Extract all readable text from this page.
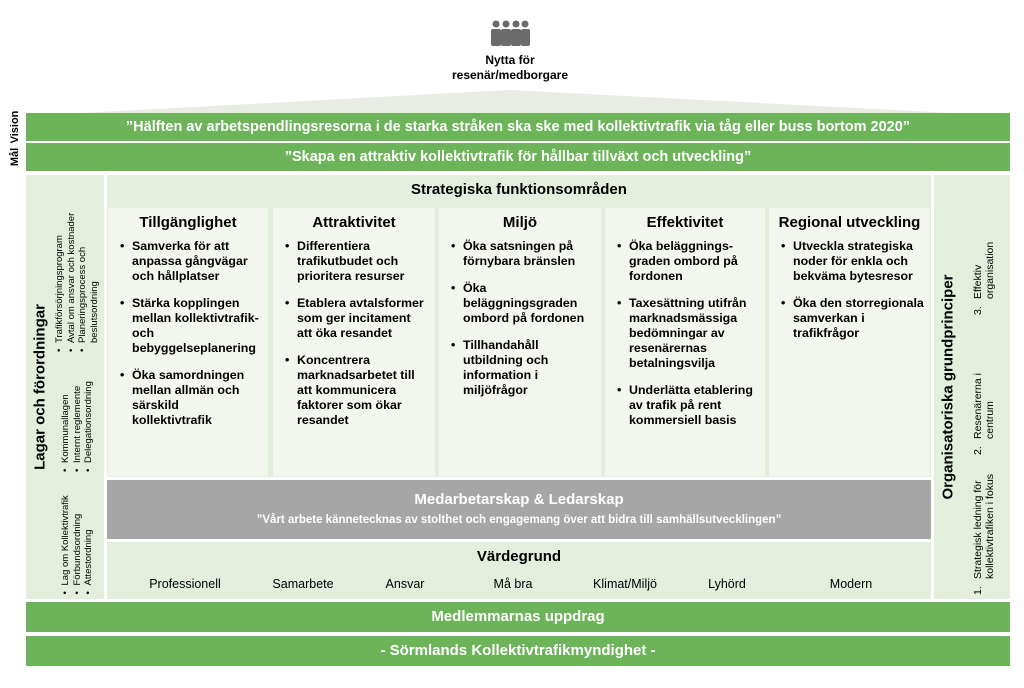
Nytta för
resenär/medborgare
Vision
Mål
”Hälften av arbetspendlingsresorna i de starka stråken ska ske med kollektivtrafik via tåg eller buss bortom 2020”
”Skapa en attraktiv kollektivtrafik för hållbar tillväxt och utveckling”
Lagar och förordningar
• Lag om Kollektivtrafik • Förbundsordning • Attestordning
• Kommunallagen • Internt reglemente • Delegationsordning
• Trafikförsörjningsprogram • Avtal om ansvar och kostnader • Planeringsprocess och beslutsordning	Organisatoriska grundprinciper
1.
Strategisk ledning för kollektivtrafiken i fokus
2.
Resenärerna i centrum
3.
Effektiv organisation
Strategiska funktionsområden
Tillgänglighet
• Samverka för att anpassa gångvägar och hållplatser
• Stärka kopplingen mellan kollektivtrafik- och bebyggelseplanering
• Öka samordningen mellan allmän och särskild kollektivtrafik
Attraktivitet
• Differentiera trafikutbudet och prioritera resurser
• Etablera avtalsformer som ger incitament att öka resandet
• Koncentrera marknadsarbetet till att kommunicera faktorer som ökar resandet
Miljö
• Öka satsningen på förnybara bränslen
• Öka beläggningsgraden ombord på fordonen
• Tillhandahåll utbildning och information i miljöfrågor
Effektivitet
• Öka beläggnings-graden ombord på fordonen
• Taxesättning utifrån marknadsmässiga bedömningar av resenärernas betalningsvilja
• Underlätta etablering av trafik på rent kommersiell basis
Regional utveckling
• Utveckla strategiska noder för enkla och bekväma bytesresor
• Öka den storregionala samverkan i trafikfrågor
Medarbetarskap & Ledarskap
”Vårt arbete kännetecknas av stolthet och engagemang över att bidra till samhällsutvecklingen”
Värdegrund
Professionell	Samarbete	Ansvar	Må bra	Klimat/Miljö	Lyhörd	Modern
Medlemmarnas uppdrag
- Sörmlands Kollektivtrafikmyndighet -
